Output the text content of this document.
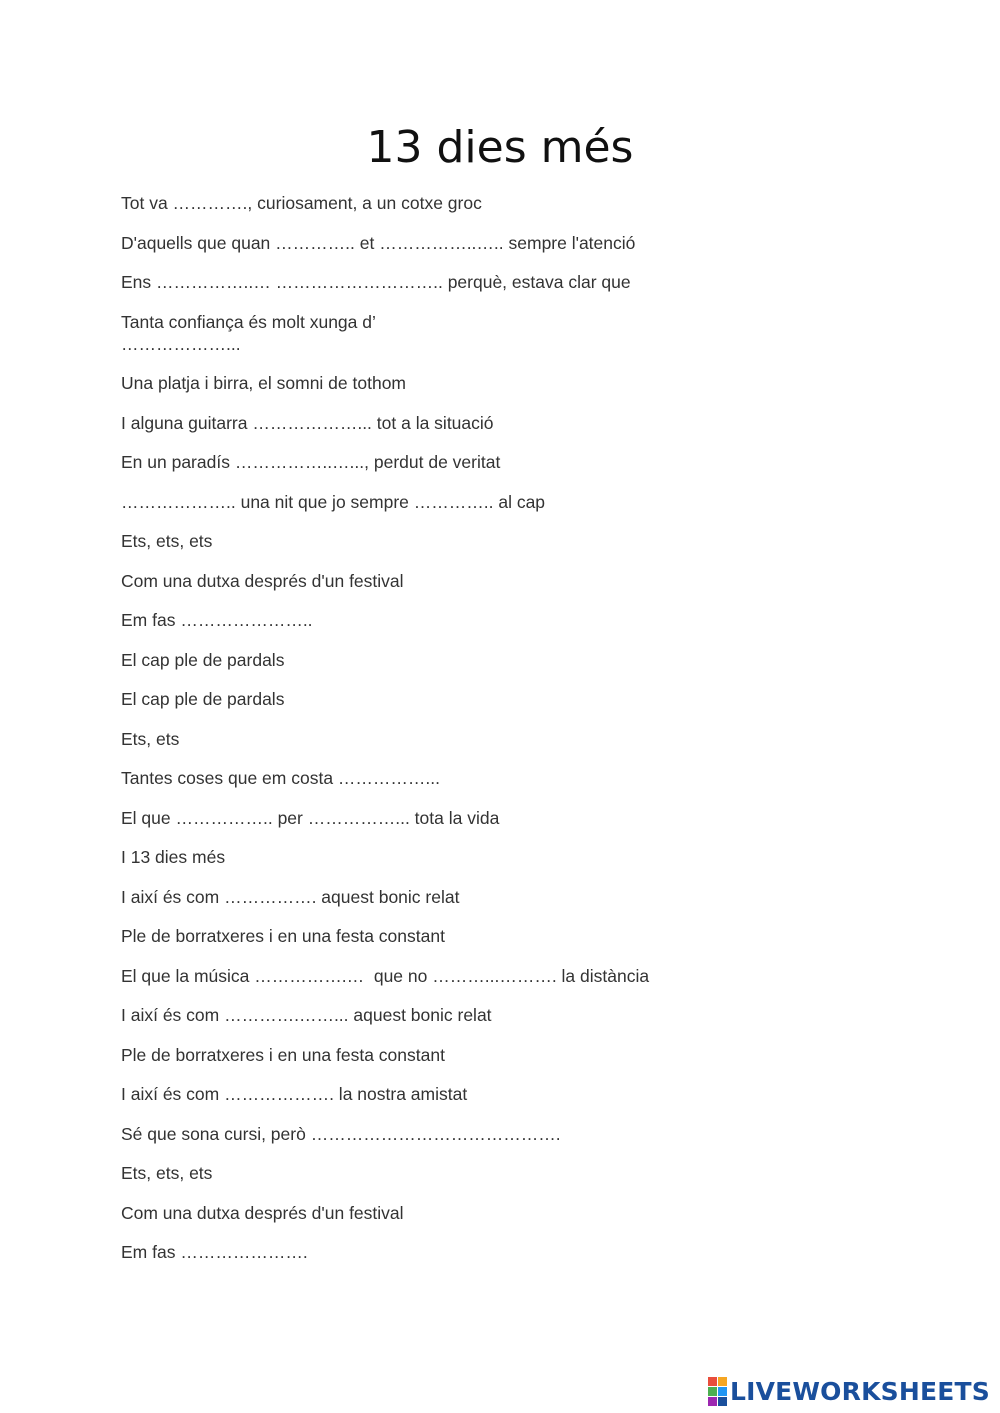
13 dies més

Tot va …………., curiosament, a un cotxe groc

D'aquells que quan ………….. et ……………..….. sempre l'atenció

Ens ……………..… ……………………….. perquè, estava clar que

Tanta confiança és molt xunga d’
………………...

Una platja i birra, el somni de tothom

I alguna guitarra ………………... tot a la situació

En un paradís ……………..…..., perdut de veritat

……………….. una nit que jo sempre ………….. al cap

Ets, ets, ets

Com una dutxa després d'un festival

Em fas …………………..

El cap ple de pardals

El cap ple de pardals

Ets, ets

Tantes coses que em costa ……………...

El que …………….. per ……………... tota la vida

I 13 dies més

I així és com ……………. aquest bonic relat

Ple de borratxeres i en una festa constant

El que la música …………….…  que no ………...………. la distància

I així és com ………….……... aquest bonic relat

Ple de borratxeres i en una festa constant

I així és com ………………. la nostra amistat

Sé que sona cursi, però …………………………………….

Ets, ets, ets

Com una dutxa després d'un festival

Em fas ………………….

LIVEWORKSHEETS
